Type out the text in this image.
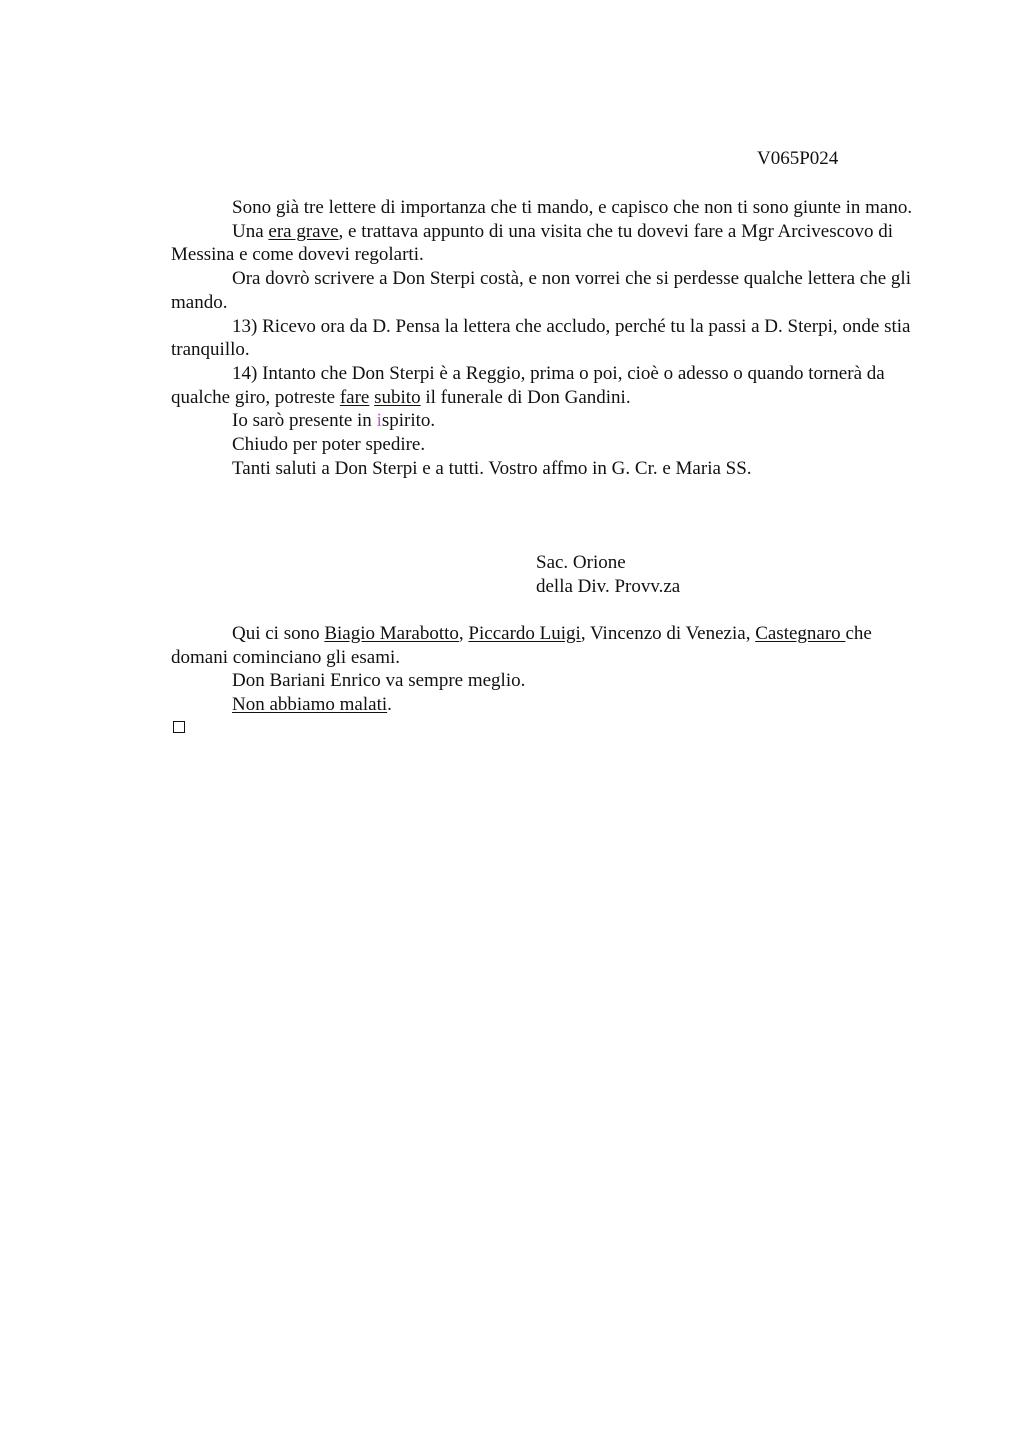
V065P024

Sono già tre lettere di importanza che ti mando, e capisco che non ti sono giunte in mano.

Una era grave, e trattava appunto di una visita che tu dovevi fare a Mgr Arcivescovo di Messina e come dovevi regolarti.

Ora dovrò scrivere a Don Sterpi costà, e non vorrei che si perdesse qualche lettera che gli mando.

13) Ricevo ora da D. Pensa la lettera che accludo, perché tu la passi a D. Sterpi, onde stia tranquillo.

14) Intanto che Don Sterpi è a Reggio, prima o poi, cioè o adesso o quando tornerà da qualche giro, potreste fare subito il funerale di Don Gandini.

Io sarò presente in ispirito.

Chiudo per poter spedire.

Tanti saluti a Don Sterpi e a tutti. Vostro affmo in G. Cr. e Maria SS.

Sac. Orione
della Div. Provv.za

Qui ci sono Biagio Marabotto, Piccardo Luigi, Vincenzo di Venezia, Castegnaro che domani cominciano gli esami.

Don Bariani Enrico va sempre meglio.

Non abbiamo malati.
